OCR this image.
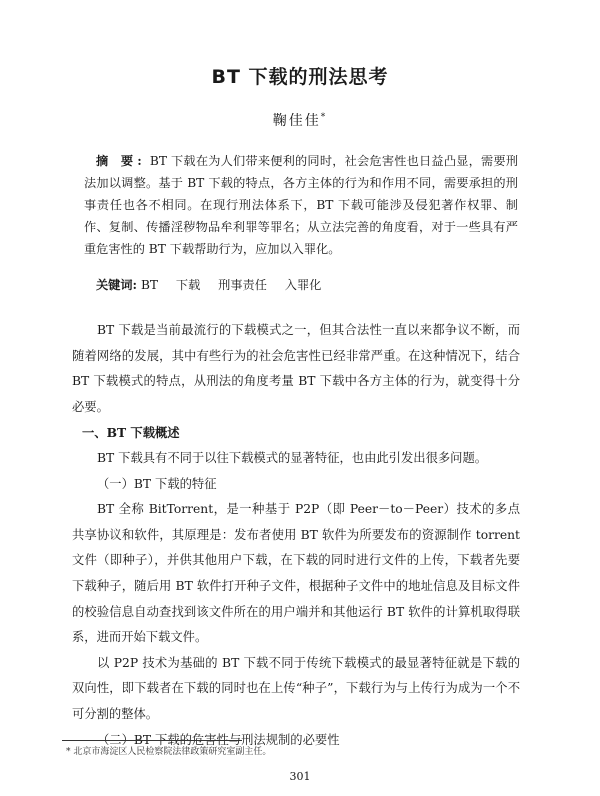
BT 下载的刑法思考
鞠佳佳*
摘 要: BT 下载在为人们带来便利的同时，社会危害性也日益凸显，需要刑法加以调整。基于 BT 下载的特点，各方主体的行为和作用不同，需要承担的刑事责任也各不相同。在现行刑法体系下，BT 下载可能涉及侵犯著作权罪、制作、复制、传播淫秽物品牟利罪等罪名；从立法完善的角度看，对于一些具有严重危害性的 BT 下载帮助行为，应加以入罪化。
关键词: BT 下载 刑事责任 入罪化

BT 下载是当前最流行的下载模式之一，但其合法性一直以来都争议不断，而随着网络的发展，其中有些行为的社会危害性已经非常严重。在这种情况下，结合 BT 下载模式的特点，从刑法的角度考量 BT 下载中各方主体的行为，就变得十分必要。

一、BT 下载概述

BT 下载具有不同于以往下载模式的显著特征，也由此引发出很多问题。

（一）BT 下载的特征

BT 全称 BitTorrent，是一种基于 P2P（即 Peer－to－Peer）技术的多点共享协议和软件，其原理是：发布者使用 BT 软件为所要发布的资源制作 torrent 文件（即种子），并供其他用户下载，在下载的同时进行文件的上传，下载者先要下载种子，随后用 BT 软件打开种子文件，根据种子文件中的地址信息及目标文件的校验信息自动查找到该文件所在的用户端并和其他运行 BT 软件的计算机取得联系，进而开始下载文件。

以 P2P 技术为基础的 BT 下载不同于传统下载模式的最显著特征就是下载的双向性，即下载者在下载的同时也在上传“种子”，下载行为与上传行为成为一个不可分割的整体。

（二）BT 下载的危害性与刑法规制的必要性
* 北京市海淀区人民检察院法律政策研究室副主任。
301
